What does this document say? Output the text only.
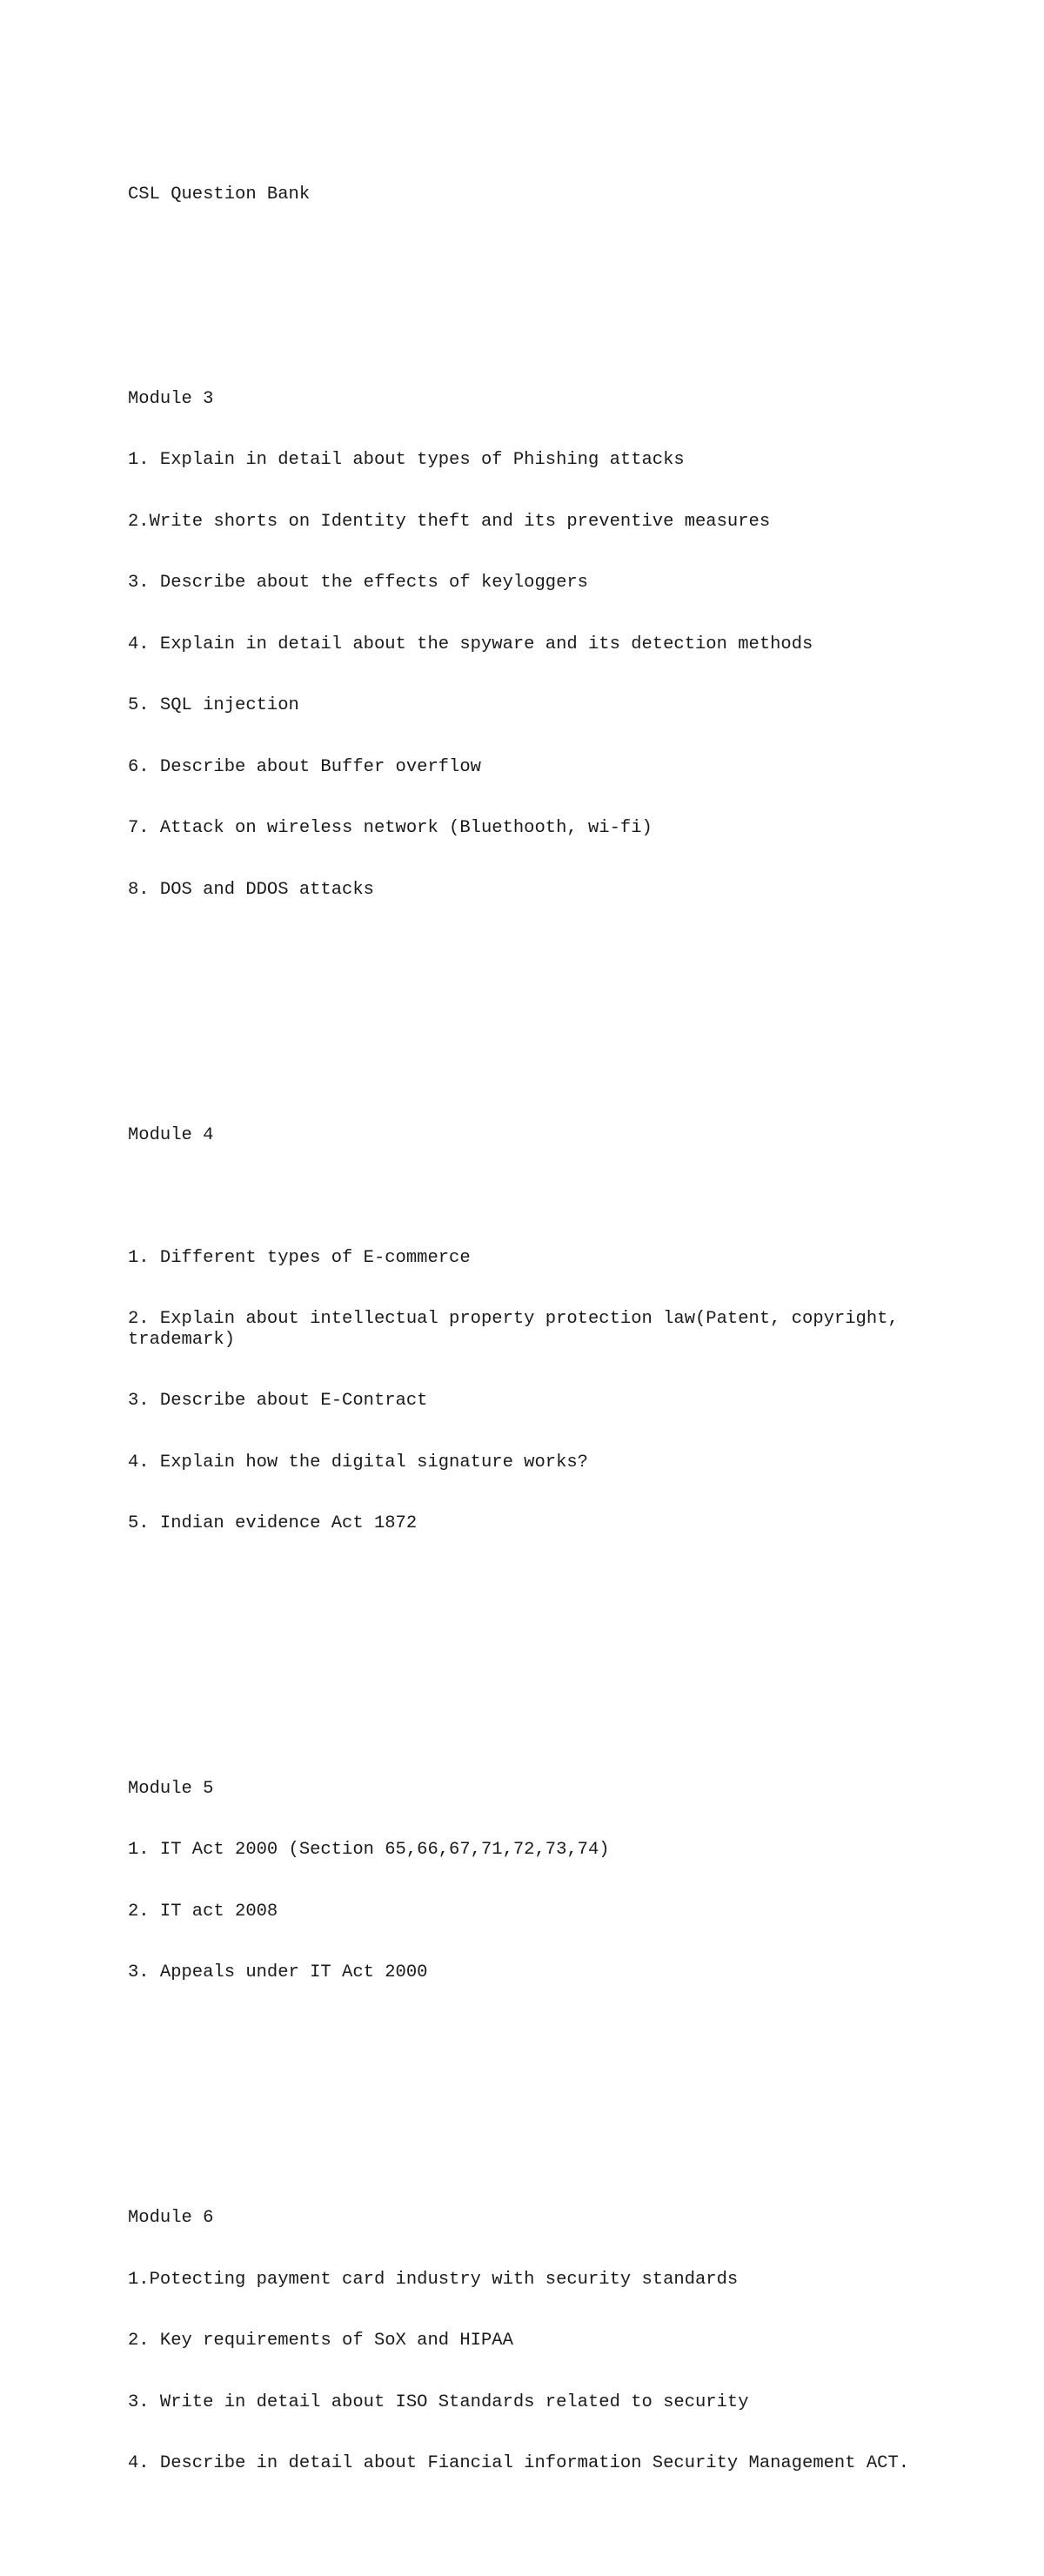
CSL Question Bank

Module 3

1. Explain in detail about types of Phishing attacks

2.Write shorts on Identity theft and its preventive measures

3. Describe about the effects of keyloggers

4. Explain in detail about the spyware and its detection methods

5. SQL injection

6. Describe about Buffer overflow

7. Attack on wireless network (Bluethooth, wi-fi)

8. DOS and DDOS attacks

Module 4

1. Different types of E-commerce

2. Explain about intellectual property protection law(Patent, copyright, trademark)

3. Describe about E-Contract

4. Explain how the digital signature works?

5. Indian evidence Act 1872

Module 5

1. IT Act 2000 (Section 65,66,67,71,72,73,74)

2. IT act 2008

3. Appeals under IT Act 2000

Module 6

1.Potecting payment card industry with security standards

2. Key requirements of SoX and HIPAA

3. Write in detail about ISO Standards related to security

4. Describe in detail about Fiancial information Security Management ACT.
